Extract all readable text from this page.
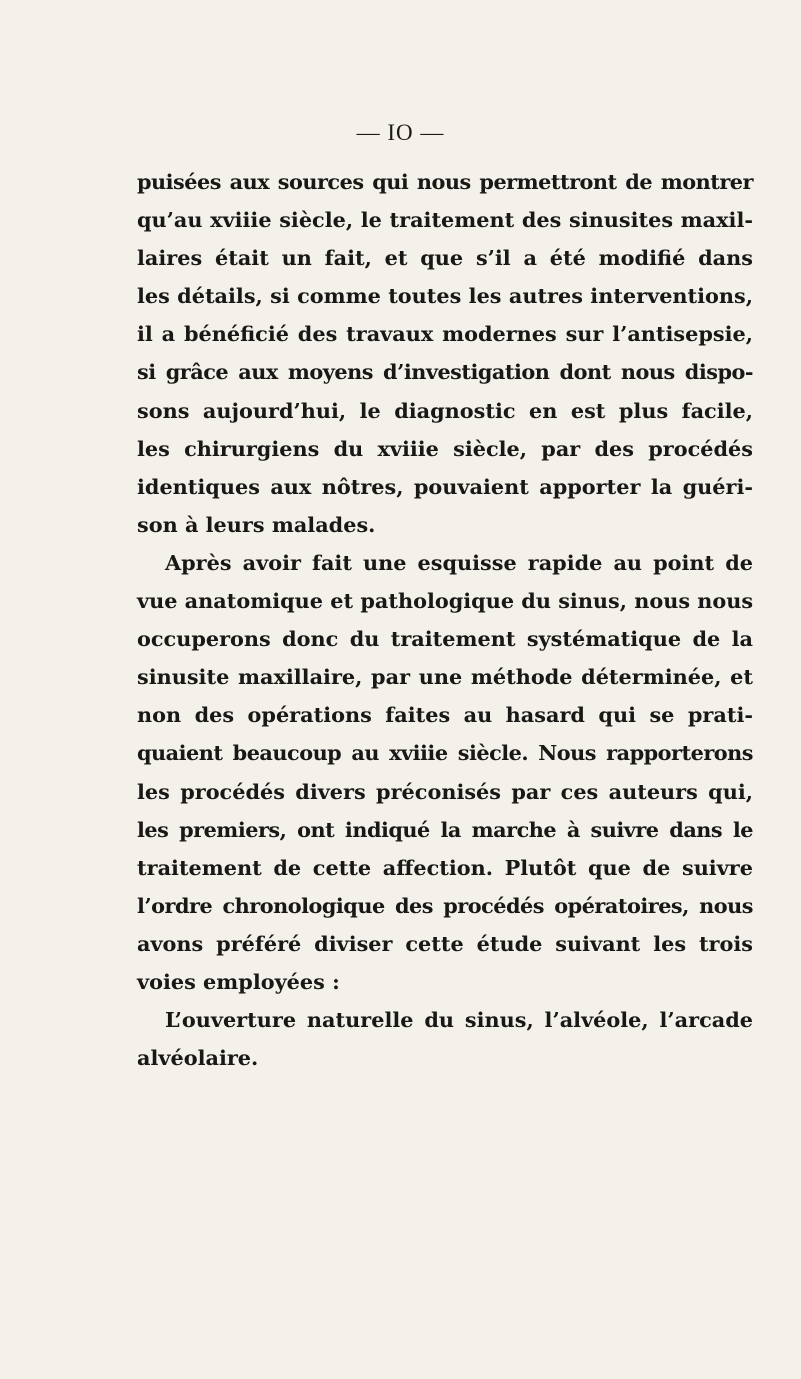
— IO —
puisées aux sources qui nous permettront de montrer
qu’au xviiie siècle, le traitement des sinusites maxil-
laires était un fait, et que s’il a été modifié dans
les détails, si comme toutes les autres interventions,
il a bénéficié des travaux modernes sur l’antisepsie,
si grâce aux moyens d’investigation dont nous dispo-
sons aujourd’hui, le diagnostic en est plus facile,
les chirurgiens du xviiie siècle, par des procédés
identiques aux nôtres, pouvaient apporter la guéri-
son à leurs malades.
Après avoir fait une esquisse rapide au point de
vue anatomique et pathologique du sinus, nous nous
occuperons donc du traitement systématique de la
sinusite maxillaire, par une méthode déterminée, et
non des opérations faites au hasard qui se prati-
quaient beaucoup au xviiie siècle. Nous rapporterons
les procédés divers préconisés par ces auteurs qui,
les premiers, ont indiqué la marche à suivre dans le
traitement de cette affection. Plutôt que de suivre
l’ordre chronologique des procédés opératoires, nous
avons préféré diviser cette étude suivant les trois
voies employées :
L’ouverture naturelle du sinus, l’alvéole, l’arcade
alvéolaire.
